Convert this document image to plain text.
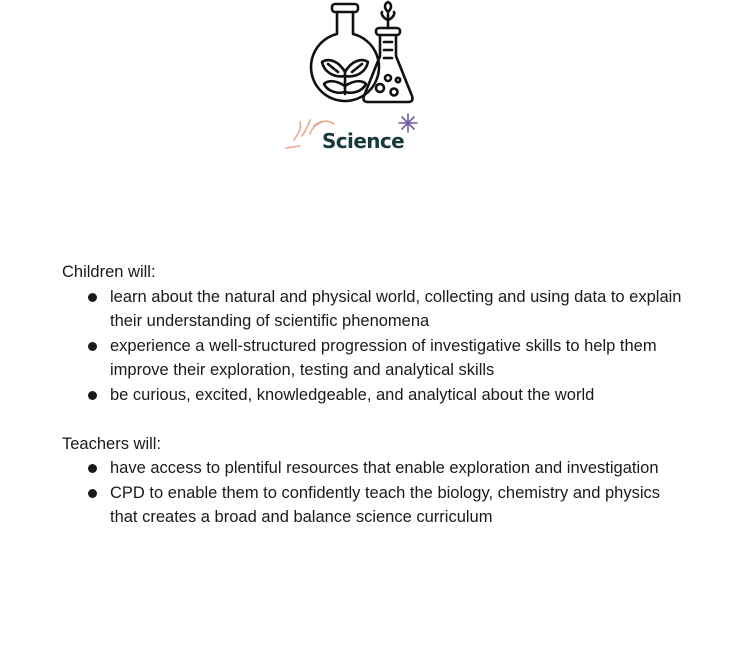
Science

Children will:

learn about the natural and physical world, collecting and using data to explain their understanding of scientific phenomena
experience a well-structured progression of investigative skills to help them improve their exploration, testing and analytical skills
be curious, excited, knowledgeable, and analytical about the world

Teachers will:

have access to plentiful resources that enable exploration and investigation
CPD to enable them to confidently teach the biology, chemistry and physics that creates a broad and balance science curriculum
